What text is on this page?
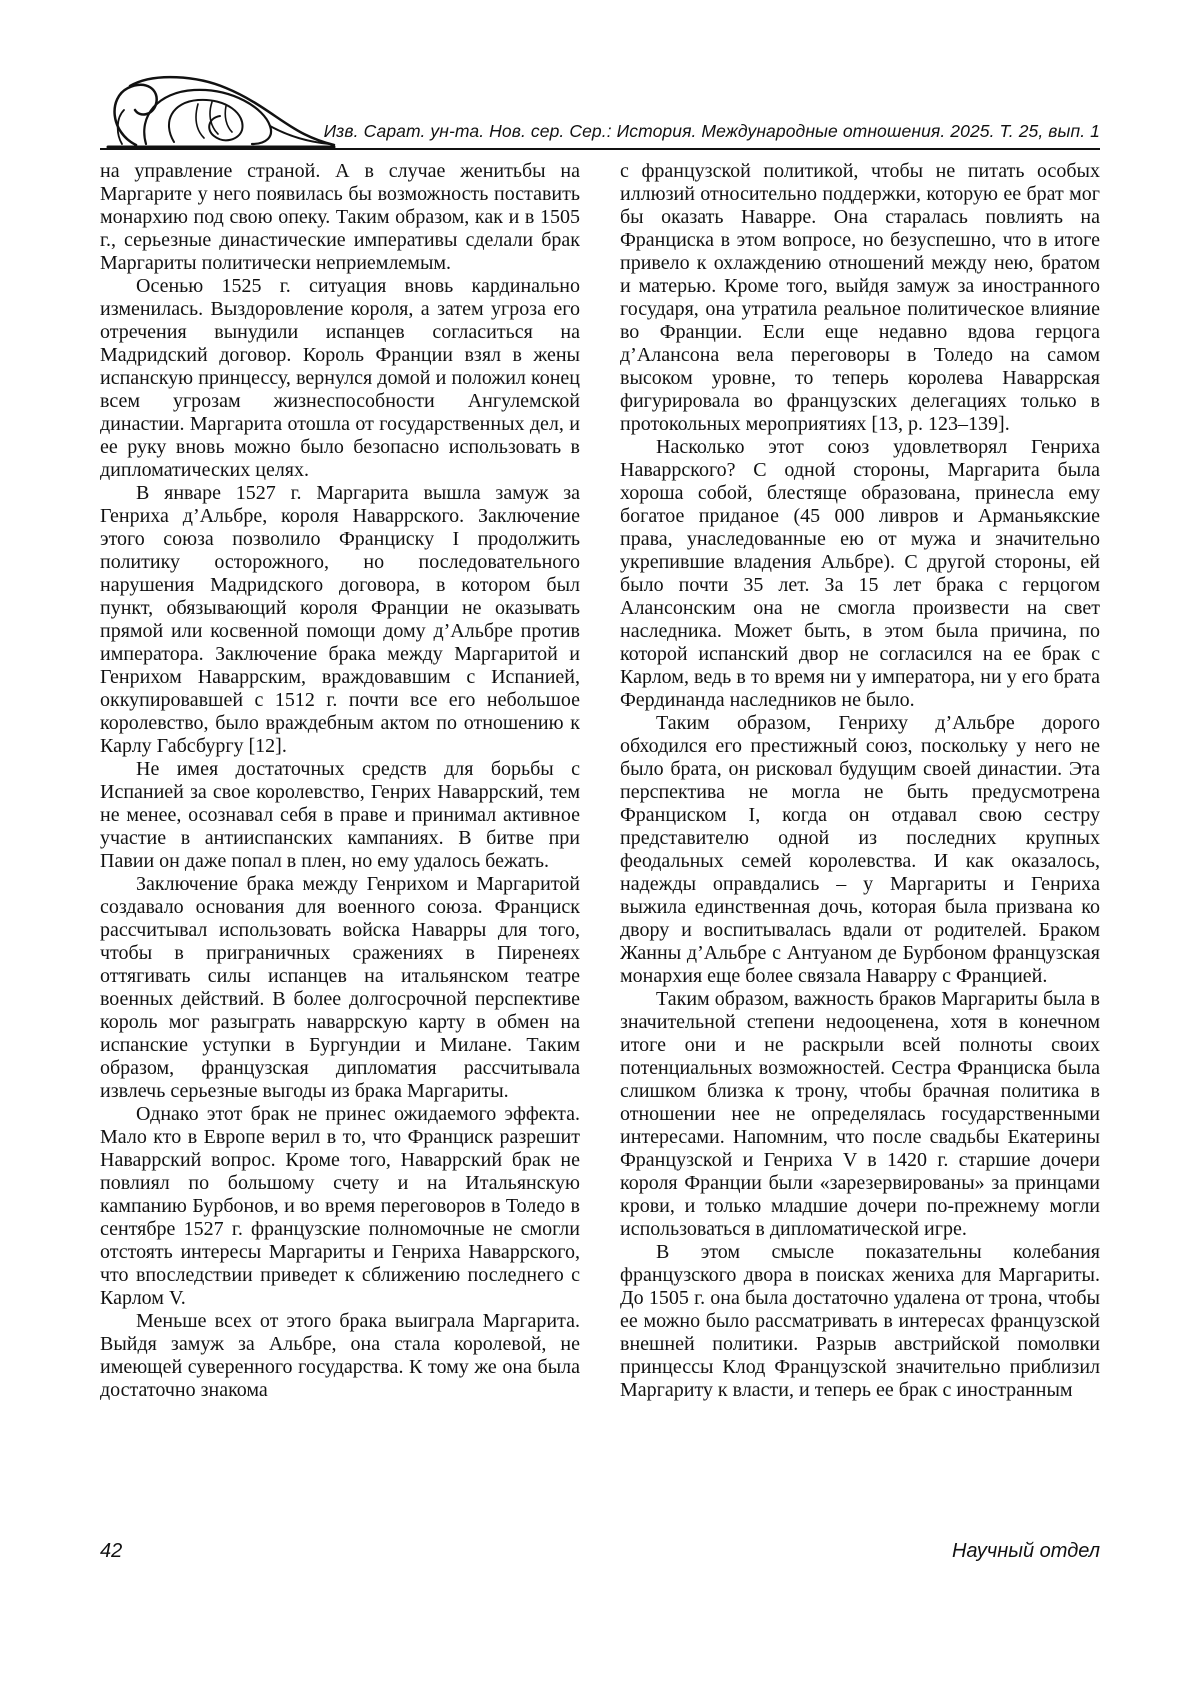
Изв. Сарат. ун-та. Нов. сер. Сер.: История. Международные отношения. 2025. Т. 25, вып. 1

на управление страной. А в случае женитьбы на Маргарите у него появилась бы возможность поставить монархию под свою опеку. Таким образом, как и в 1505 г., серьезные династические императивы сделали брак Маргариты политически неприемлемым.

Осенью 1525 г. ситуация вновь кардинально изменилась. Выздоровление короля, а затем угроза его отречения вынудили испанцев согласиться на Мадридский договор. Король Франции взял в жены испанскую принцессу, вернулся домой и положил конец всем угрозам жизнеспособности Ангулемской династии. Маргарита отошла от государственных дел, и ее руку вновь можно было безопасно использовать в дипломатических целях.

В январе 1527 г. Маргарита вышла замуж за Генриха д’Альбре, короля Наваррского. Заключение этого союза позволило Франциску I продолжить политику осторожного, но последовательного нарушения Мадридского договора, в котором был пункт, обязывающий короля Франции не оказывать прямой или косвенной помощи дому д’Альбре против императора. Заключение брака между Маргаритой и Генрихом Наваррским, враждовавшим с Испанией, оккупировавшей с 1512 г. почти все его небольшое королевство, было враждебным актом по отношению к Карлу Габсбургу [12].

Не имея достаточных средств для борьбы с Испанией за свое королевство, Генрих Наваррский, тем не менее, осознавал себя в праве и принимал активное участие в антииспанских кампаниях. В битве при Павии он даже попал в плен, но ему удалось бежать.

Заключение брака между Генрихом и Маргаритой создавало основания для военного союза. Франциск рассчитывал использовать войска Наварры для того, чтобы в приграничных сражениях в Пиренеях оттягивать силы испанцев на итальянском театре военных действий. В более долгосрочной перспективе король мог разыграть наваррскую карту в обмен на испанские уступки в Бургундии и Милане. Таким образом, французская дипломатия рассчитывала извлечь серьезные выгоды из брака Маргариты.

Однако этот брак не принес ожидаемого эффекта. Мало кто в Европе верил в то, что Франциск разрешит Наваррский вопрос. Кроме того, Наваррский брак не повлиял по большому счету и на Итальянскую кампанию Бурбонов, и во время переговоров в Толедо в сентябре 1527 г. французские полномочные не смогли отстоять интересы Маргариты и Генриха Наваррского, что впоследствии приведет к сближению последнего с Карлом V.

Меньше всех от этого брака выиграла Маргарита. Выйдя замуж за Альбре, она стала королевой, не имеющей суверенного государства. К тому же она была достаточно знакома

с французской политикой, чтобы не питать особых иллюзий относительно поддержки, которую ее брат мог бы оказать Наварре. Она старалась повлиять на Франциска в этом вопросе, но безуспешно, что в итоге привело к охлаждению отношений между нею, братом и матерью. Кроме того, выйдя замуж за иностранного государя, она утратила реальное политическое влияние во Франции. Если еще недавно вдова герцога д’Алансона вела переговоры в Толедо на самом высоком уровне, то теперь королева Наваррская фигурировала во французских делегациях только в протокольных мероприятиях [13, p. 123–139].

Насколько этот союз удовлетворял Генриха Наваррского? С одной стороны, Маргарита была хороша собой, блестяще образована, принесла ему богатое приданое (45 000 ливров и Арманьякские права, унаследованные ею от мужа и значительно укрепившие владения Альбре). С другой стороны, ей было почти 35 лет. За 15 лет брака с герцогом Алансонским она не смогла произвести на свет наследника. Может быть, в этом была причина, по которой испанский двор не согласился на ее брак с Карлом, ведь в то время ни у императора, ни у его брата Фердинанда наследников не было.

Таким образом, Генриху д’Альбре дорого обходился его престижный союз, поскольку у него не было брата, он рисковал будущим своей династии. Эта перспектива не могла не быть предусмотрена Франциском I, когда он отдавал свою сестру представителю одной из последних крупных феодальных семей королевства. И как оказалось, надежды оправдались – у Маргариты и Генриха выжила единственная дочь, которая была призвана ко двору и воспитывалась вдали от родителей. Браком Жанны д’Альбре с Антуаном де Бурбоном французская монархия еще более связала Наварру с Францией.

Таким образом, важность браков Маргариты была в значительной степени недооценена, хотя в конечном итоге они и не раскрыли всей полноты своих потенциальных возможностей. Сестра Франциска была слишком близка к трону, чтобы брачная политика в отношении нее не определялась государственными интересами. Напомним, что после свадьбы Екатерины Французской и Генриха V в 1420 г. старшие дочери короля Франции были «зарезервированы» за принцами крови, и только младшие дочери по-прежнему могли использоваться в дипломатической игре.

В этом смысле показательны колебания французского двора в поисках жениха для Маргариты. До 1505 г. она была достаточно удалена от трона, чтобы ее можно было рассматривать в интересах французской внешней политики. Разрыв австрийской помолвки принцессы Клод Французской значительно приблизил Маргариту к власти, и теперь ее брак с иностранным

42	Научный отдел
